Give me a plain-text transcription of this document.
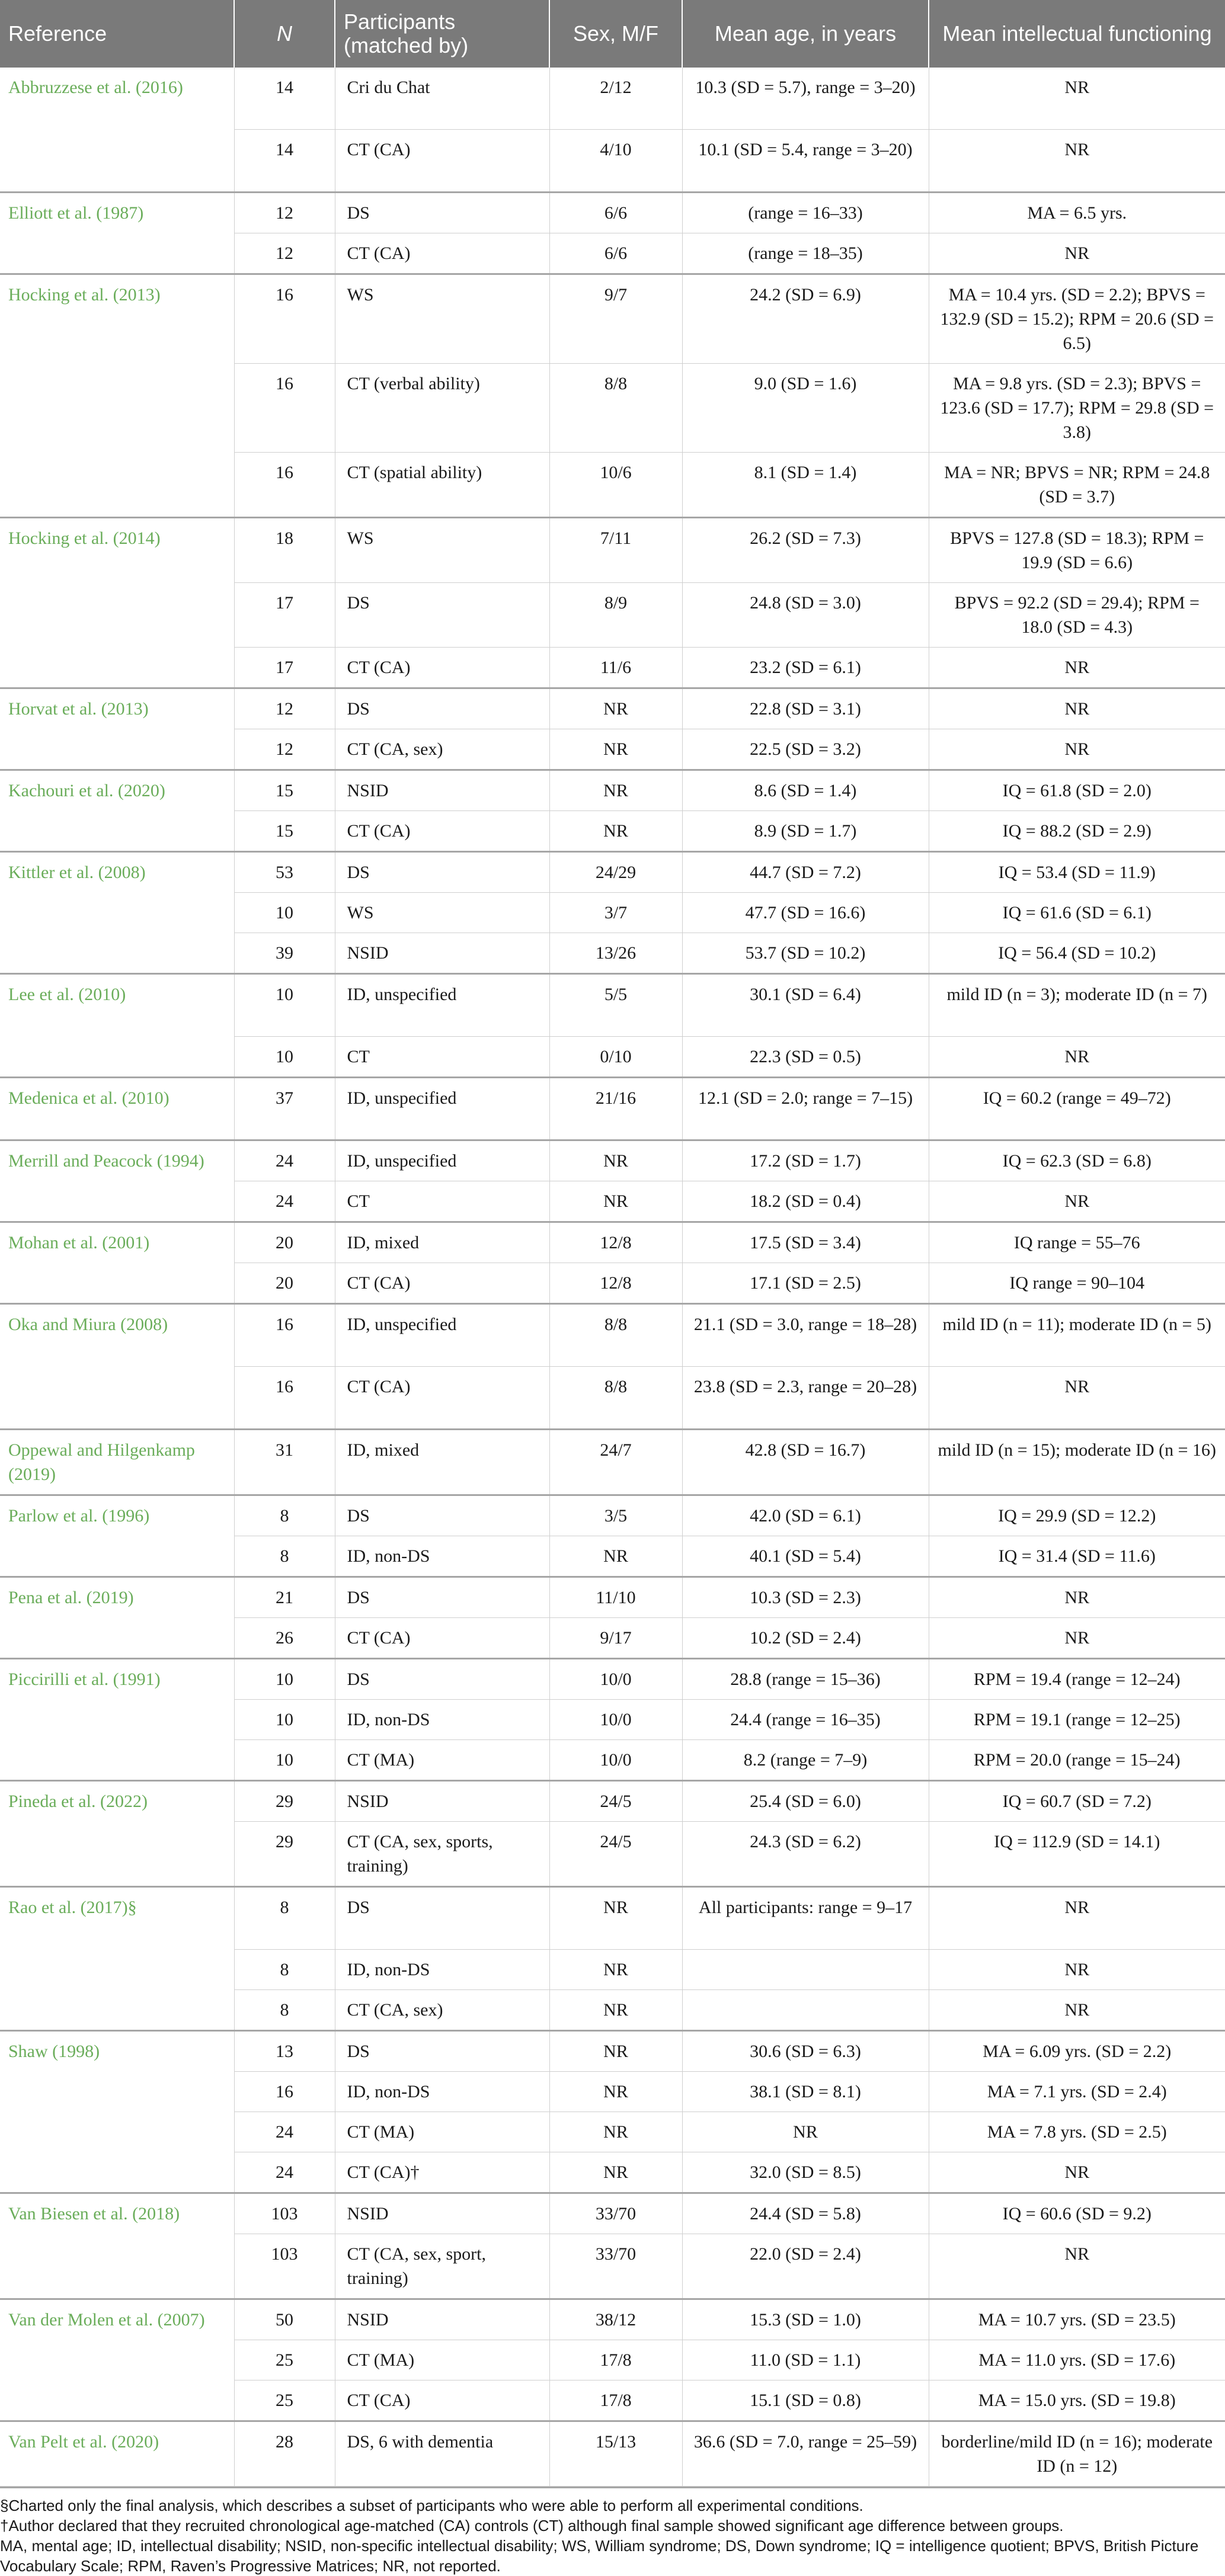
Reference	N	Participants (matched by)	Sex, M/F	Mean age, in years	Mean intellectual functioning
Abbruzzese et al. (2016)	14	Cri du Chat	2/12	10.3 (SD = 5.7), range = 3–20)	NR
	14	CT (CA)	4/10	10.1 (SD = 5.4, range = 3–20)	NR
Elliott et al. (1987)	12	DS	6/6	(range = 16–33)	MA = 6.5 yrs.
	12	CT (CA)	6/6	(range = 18–35)	NR
Hocking et al. (2013)	16	WS	9/7	24.2 (SD = 6.9)	MA = 10.4 yrs. (SD = 2.2); BPVS = 132.9 (SD = 15.2); RPM = 20.6 (SD = 6.5)
	16	CT (verbal ability)	8/8	9.0 (SD = 1.6)	MA = 9.8 yrs. (SD = 2.3); BPVS = 123.6 (SD = 17.7); RPM = 29.8 (SD = 3.8)
	16	CT (spatial ability)	10/6	8.1 (SD = 1.4)	MA = NR; BPVS = NR; RPM = 24.8 (SD = 3.7)
Hocking et al. (2014)	18	WS	7/11	26.2 (SD = 7.3)	BPVS = 127.8 (SD = 18.3); RPM = 19.9 (SD = 6.6)
	17	DS	8/9	24.8 (SD = 3.0)	BPVS = 92.2 (SD = 29.4); RPM = 18.0 (SD = 4.3)
	17	CT (CA)	11/6	23.2 (SD = 6.1)	NR
Horvat et al. (2013)	12	DS	NR	22.8 (SD = 3.1)	NR
	12	CT (CA, sex)	NR	22.5 (SD = 3.2)	NR
Kachouri et al. (2020)	15	NSID	NR	8.6 (SD = 1.4)	IQ = 61.8 (SD = 2.0)
	15	CT (CA)	NR	8.9 (SD = 1.7)	IQ = 88.2 (SD = 2.9)
Kittler et al. (2008)	53	DS	24/29	44.7 (SD = 7.2)	IQ = 53.4 (SD = 11.9)
	10	WS	3/7	47.7 (SD = 16.6)	IQ = 61.6 (SD = 6.1)
	39	NSID	13/26	53.7 (SD = 10.2)	IQ = 56.4 (SD = 10.2)
Lee et al. (2010)	10	ID, unspecified	5/5	30.1 (SD = 6.4)	mild ID (n = 3); moderate ID (n = 7)
	10	CT	0/10	22.3 (SD = 0.5)	NR
Medenica et al. (2010)	37	ID, unspecified	21/16	12.1 (SD = 2.0; range = 7–15)	IQ = 60.2 (range = 49–72)
Merrill and Peacock (1994)	24	ID, unspecified	NR	17.2 (SD = 1.7)	IQ = 62.3 (SD = 6.8)
	24	CT	NR	18.2 (SD = 0.4)	NR
Mohan et al. (2001)	20	ID, mixed	12/8	17.5 (SD = 3.4)	IQ range = 55–76
	20	CT (CA)	12/8	17.1 (SD = 2.5)	IQ range = 90–104
Oka and Miura (2008)	16	ID, unspecified	8/8	21.1 (SD = 3.0, range = 18–28)	mild ID (n = 11); moderate ID (n = 5)
	16	CT (CA)	8/8	23.8 (SD = 2.3, range = 20–28)	NR
Oppewal and Hilgenkamp (2019)	31	ID, mixed	24/7	42.8 (SD = 16.7)	mild ID (n = 15); moderate ID (n = 16)
Parlow et al. (1996)	8	DS	3/5	42.0 (SD = 6.1)	IQ = 29.9 (SD = 12.2)
	8	ID, non-DS	NR	40.1 (SD = 5.4)	IQ = 31.4 (SD = 11.6)
Pena et al. (2019)	21	DS	11/10	10.3 (SD = 2.3)	NR
	26	CT (CA)	9/17	10.2 (SD = 2.4)	NR
Piccirilli et al. (1991)	10	DS	10/0	28.8 (range = 15–36)	RPM = 19.4 (range = 12–24)
	10	ID, non-DS	10/0	24.4 (range = 16–35)	RPM = 19.1 (range = 12–25)
	10	CT (MA)	10/0	8.2 (range = 7–9)	RPM = 20.0 (range = 15–24)
Pineda et al. (2022)	29	NSID	24/5	25.4 (SD = 6.0)	IQ = 60.7 (SD = 7.2)
	29	CT (CA, sex, sports, training)	24/5	24.3 (SD = 6.2)	IQ = 112.9 (SD = 14.1)
Rao et al. (2017)§	8	DS	NR	All participants: range = 9–17	NR
	8	ID, non-DS	NR		NR
	8	CT (CA, sex)	NR		NR
Shaw (1998)	13	DS	NR	30.6 (SD = 6.3)	MA = 6.09 yrs. (SD = 2.2)
	16	ID, non-DS	NR	38.1 (SD = 8.1)	MA = 7.1 yrs. (SD = 2.4)
	24	CT (MA)	NR	NR	MA = 7.8 yrs. (SD = 2.5)
	24	CT (CA)†	NR	32.0 (SD = 8.5)	NR
Van Biesen et al. (2018)	103	NSID	33/70	24.4 (SD = 5.8)	IQ = 60.6 (SD = 9.2)
	103	CT (CA, sex, sport, training)	33/70	22.0 (SD = 2.4)	NR
Van der Molen et al. (2007)	50	NSID	38/12	15.3 (SD = 1.0)	MA = 10.7 yrs. (SD = 23.5)
	25	CT (MA)	17/8	11.0 (SD = 1.1)	MA = 11.0 yrs. (SD = 17.6)
	25	CT (CA)	17/8	15.1 (SD = 0.8)	MA = 15.0 yrs. (SD = 19.8)
Van Pelt et al. (2020)	28	DS, 6 with dementia	15/13	36.6 (SD = 7.0, range = 25–59)	borderline/mild ID (n = 16); moderate ID (n = 12)

§Charted only the final analysis, which describes a subset of participants who were able to perform all experimental conditions.

†Author declared that they recruited chronological age-matched (CA) controls (CT) although final sample showed significant age difference between groups.

MA, mental age; ID, intellectual disability; NSID, non-specific intellectual disability; WS, William syndrome; DS, Down syndrome; IQ = intelligence quotient; BPVS, British Picture Vocabulary Scale; RPM, Raven’s Progressive Matrices; NR, not reported.
